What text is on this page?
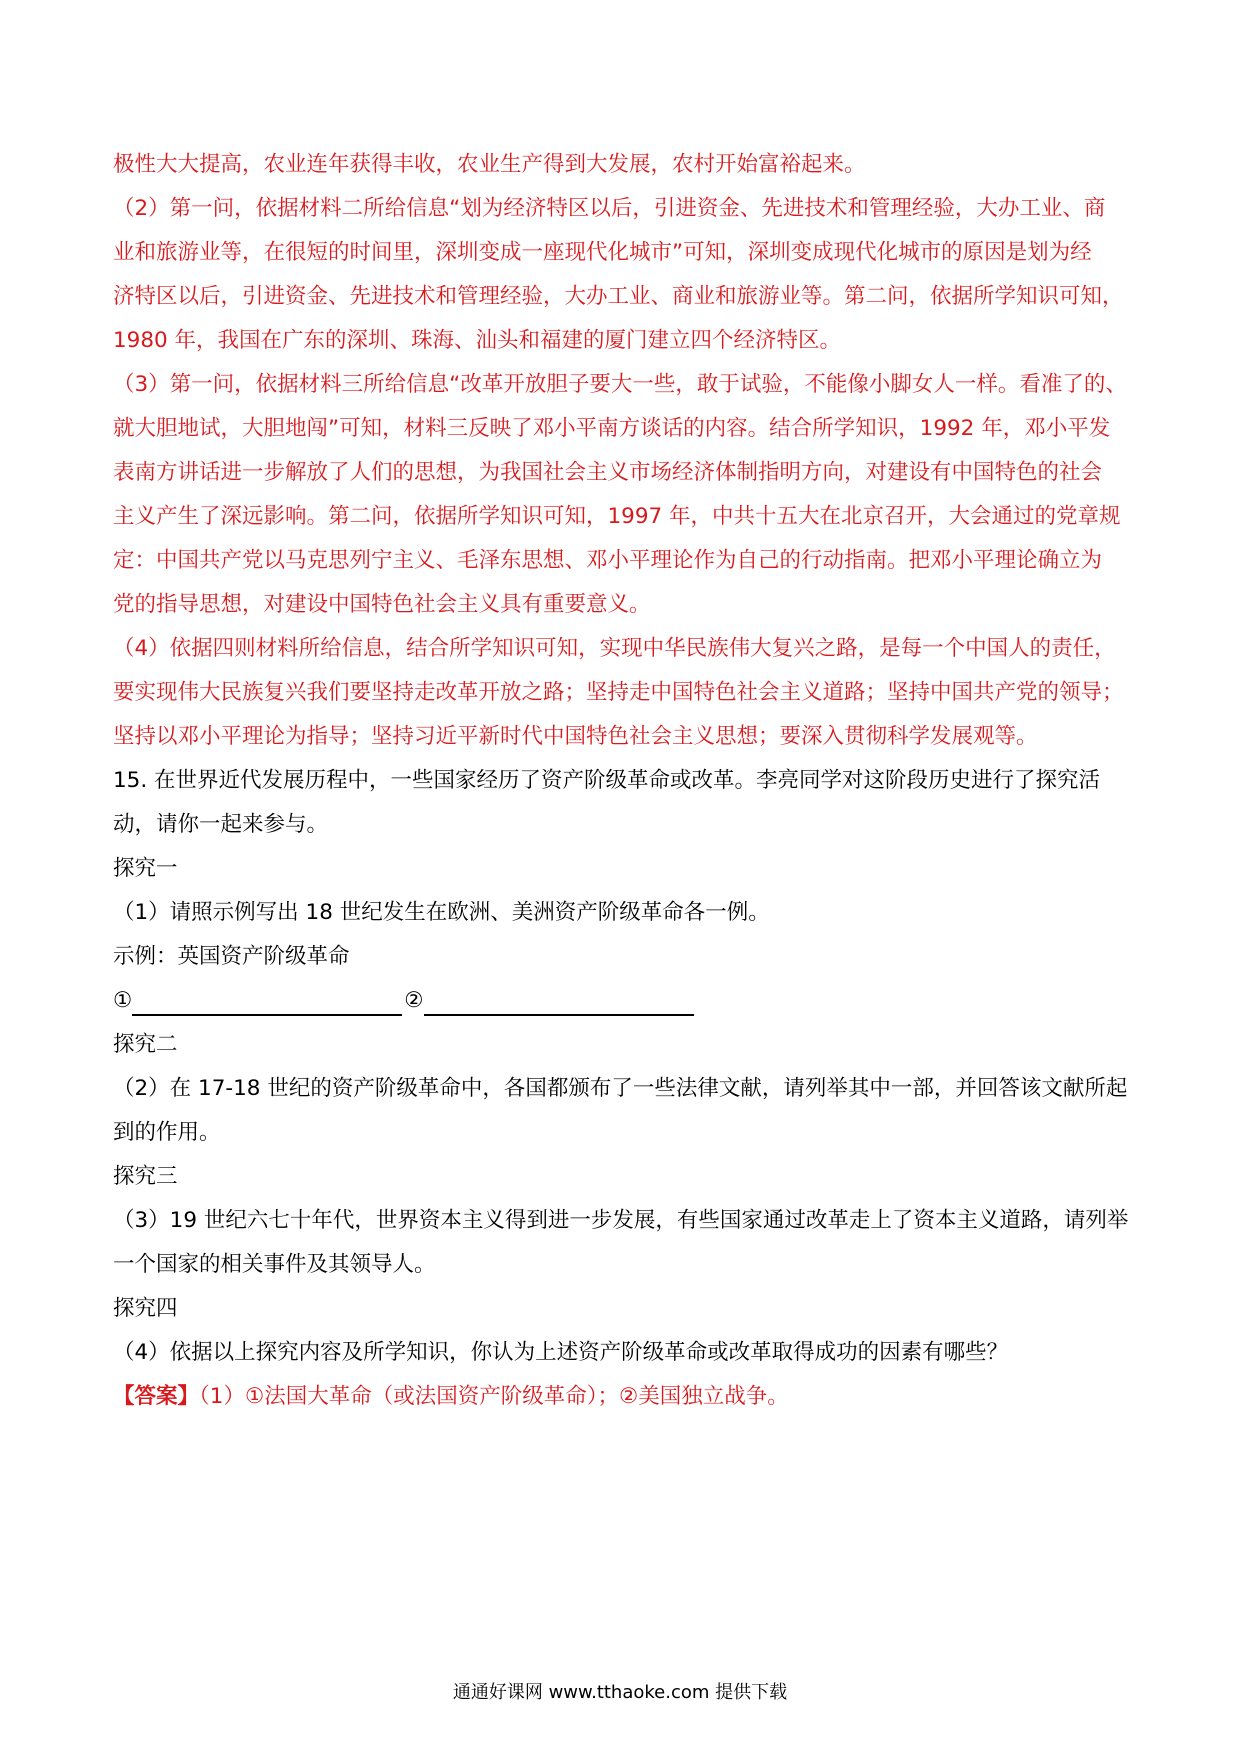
极性大大提高，农业连年获得丰收，农业生产得到大发展，农村开始富裕起来。
（2）第一问，依据材料二所给信息“划为经济特区以后，引进资金、先进技术和管理经验，大办工业、商
业和旅游业等，在很短的时间里，深圳变成一座现代化城市”可知，深圳变成现代化城市的原因是划为经
济特区以后，引进资金、先进技术和管理经验，大办工业、商业和旅游业等。第二问，依据所学知识可知，
1980 年，我国在广东的深圳、珠海、汕头和福建的厦门建立四个经济特区。
（3）第一问，依据材料三所给信息“改革开放胆子要大一些，敢于试验，不能像小脚女人一样。看准了的、
就大胆地试，大胆地闯”可知，材料三反映了邓小平南方谈话的内容。结合所学知识，1992 年，邓小平发
表南方讲话进一步解放了人们的思想，为我国社会主义市场经济体制指明方向，对建设有中国特色的社会
主义产生了深远影响。第二问，依据所学知识可知，1997 年，中共十五大在北京召开，大会通过的党章规
定：中国共产党以马克思列宁主义、毛泽东思想、邓小平理论作为自己的行动指南。把邓小平理论确立为
党的指导思想，对建设中国特色社会主义具有重要意义。
（4）依据四则材料所给信息，结合所学知识可知，实现中华民族伟大复兴之路，是每一个中国人的责任，
要实现伟大民族复兴我们要坚持走改革开放之路；坚持走中国特色社会主义道路；坚持中国共产党的领导；
坚持以邓小平理论为指导；坚持习近平新时代中国特色社会主义思想；要深入贯彻科学发展观等。
15. 在世界近代发展历程中，一些国家经历了资产阶级革命或改革。李亮同学对这阶段历史进行了探究活
动，请你一起来参与。
探究一
（1）请照示例写出 18 世纪发生在欧洲、美洲资产阶级革命各一例。
示例：英国资产阶级革命
①	②
探究二
（2）在 17-18 世纪的资产阶级革命中，各国都颁布了一些法律文献，请列举其中一部，并回答该文献所起
到的作用。
探究三
（3）19 世纪六七十年代，世界资本主义得到进一步发展，有些国家通过改革走上了资本主义道路，请列举
一个国家的相关事件及其领导人。
探究四
（4）依据以上探究内容及所学知识，你认为上述资产阶级革命或改革取得成功的因素有哪些？
【答案】（1）①法国大革命（或法国资产阶级革命）；②美国独立战争。
通通好课网 www.tthaoke.com 提供下载
